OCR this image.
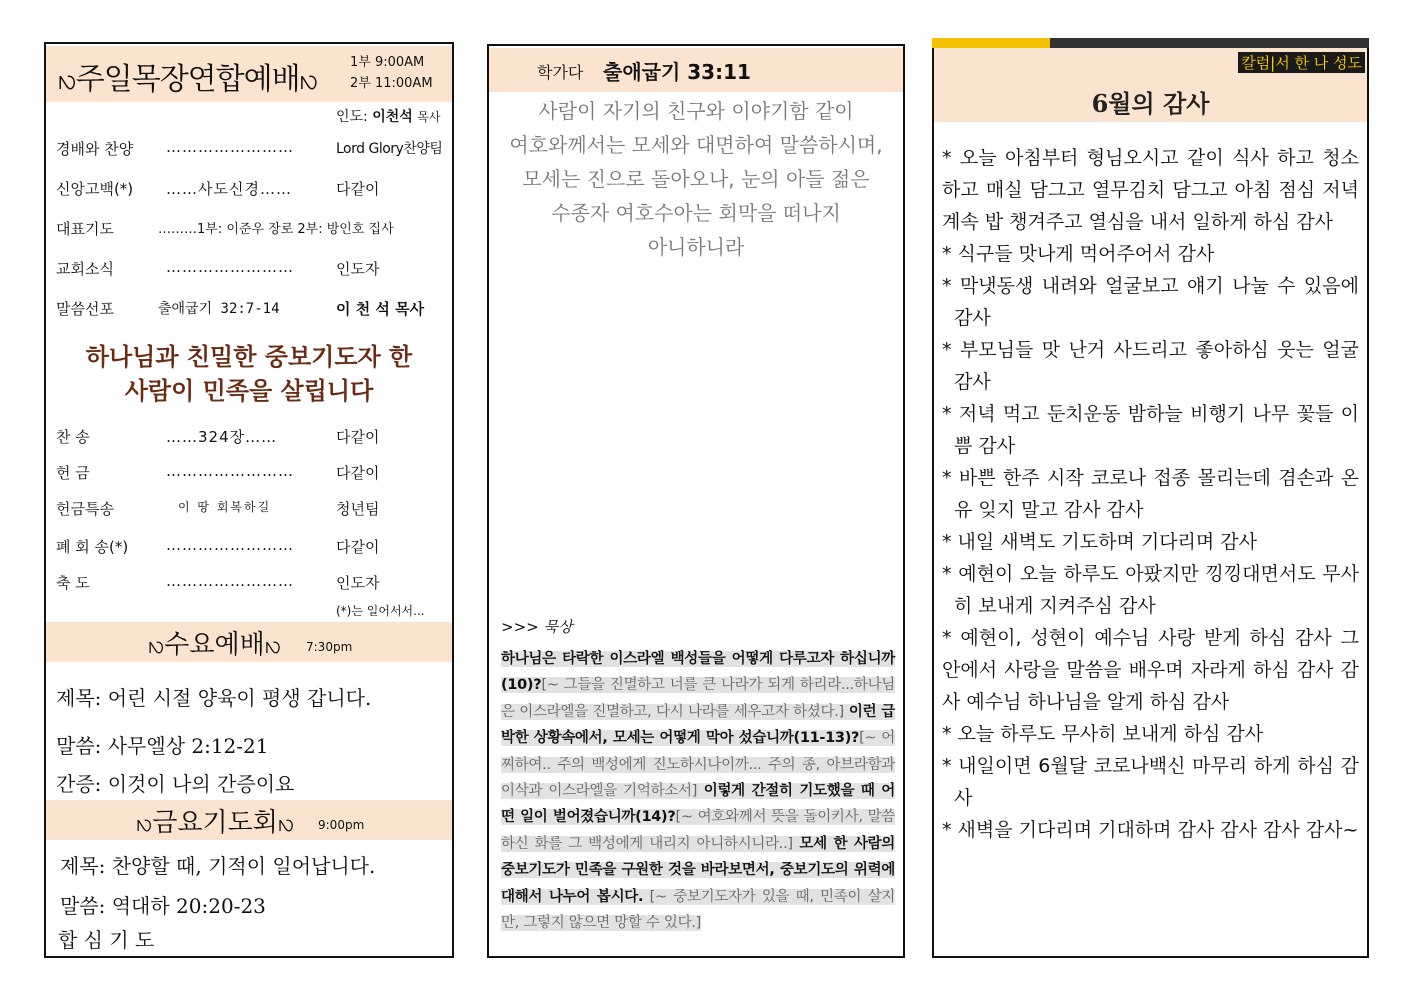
ꩳ주일목장연합예배ꩳ	1부 9:00AM
2부 11:00AM
인도: 이천석 목사
경배와 찬양 ……………………	Lord Glory찬양팀
신앙고백(*) ……사도신경……	다같이
대표기도	………1부: 이준우 장로 2부: 방인호 집사
교회소식	……………………	인도자
말씀선포	출애굽기 32:7-14	이 천 석 목사
하나님과 친밀한 중보기도자 한
사람이 민족을 살립니다
찬 송	……324장……	다같이
헌 금	……………………	다같이
헌금특송	이 땅 회복하길	청년팀
폐 회 송(*)	……………………	다같이
축 도	……………………	인도자
(*)는 일어서서...
ꩳ수요예배ꩳ 7:30pm
제목: 어린 시절 양육이 평생 갑니다.
말씀: 사무엘상 2:12-21
간증: 이것이 나의 간증이요
ꩳ금요기도회ꩳ 9:00pm
제목: 찬양할 때, 기적이 일어납니다.
말씀: 역대하 20:20-23
합 심 기 도
학가다 출애굽기 33:11
사람이 자기의 친구와 이야기함 같이
여호와께서는 모세와 대면하여 말씀하시며,
모세는 진으로 돌아오나, 눈의 아들 젊은
수종자 여호수아는 회막을 떠나지
아니하니라
>>> 묵상
하나님은 타락한 이스라엘 백성들을 어떻게 다루고자 하십니까(10)?[~ 그들을 진멸하고 너를 큰 나라가 되게 하리라...하나님은 이스라엘을 진멸하고, 다시 나라를 세우고자 하셨다.] 이런 급박한 상황속에서, 모세는 어떻게 막아 섰습니까(11-13)?[~ 어찌하여.. 주의 백성에게 진노하시나이까... 주의 종, 아브라함과 이삭과 이스라엘을 기억하소서] 이렇게 간절히 기도했을 때 어떤 일이 벌어졌습니까(14)?[~ 여호와께서 뜻을 돌이키사, 말씀하신 화를 그 백성에게 내리지 아니하시니라..] 모세 한 사람의 중보기도가 민족을 구원한 것을 바라보면서, 중보기도의 위력에 대해서 나누어 봅시다. [~ 중보기도자가 있을 때, 민족이 살지만, 그렇지 않으면 망할 수 있다.]
칼럼|서 한 나 성도
6월의 감사
* 오늘 아침부터 형님오시고 같이 식사 하고 청소하고 매실 담그고 열무김치 담그고 아침 점심 저녁 계속 밥 챙겨주고 열심을 내서 일하게 하심 감사
* 식구들 맛나게 먹어주어서 감사
* 막냇동생 내려와 얼굴보고 얘기 나눌 수 있음에 감사
* 부모님들 맛 난거 사드리고 좋아하심 웃는 얼굴 감사
* 저녁 먹고 둔치운동 밤하늘 비행기 나무 꽃들 이쁨 감사
* 바쁜 한주 시작 코로나 접종 몰리는데 겸손과 온유 잊지 말고 감사 감사
* 내일 새벽도 기도하며 기다리며 감사
* 예현이 오늘 하루도 아팠지만 낑낑대면서도 무사히 보내게 지켜주심 감사
* 예현이, 성현이 예수님 사랑 받게 하심 감사 그 안에서 사랑을 말씀을 배우며 자라게 하심 감사 감사 예수님 하나님을 알게 하심 감사
* 오늘 하루도 무사히 보내게 하심 감사
* 내일이면 6월달 코로나백신 마무리 하게 하심 감사
* 새벽을 기다리며 기대하며 감사 감사 감사 감사~
